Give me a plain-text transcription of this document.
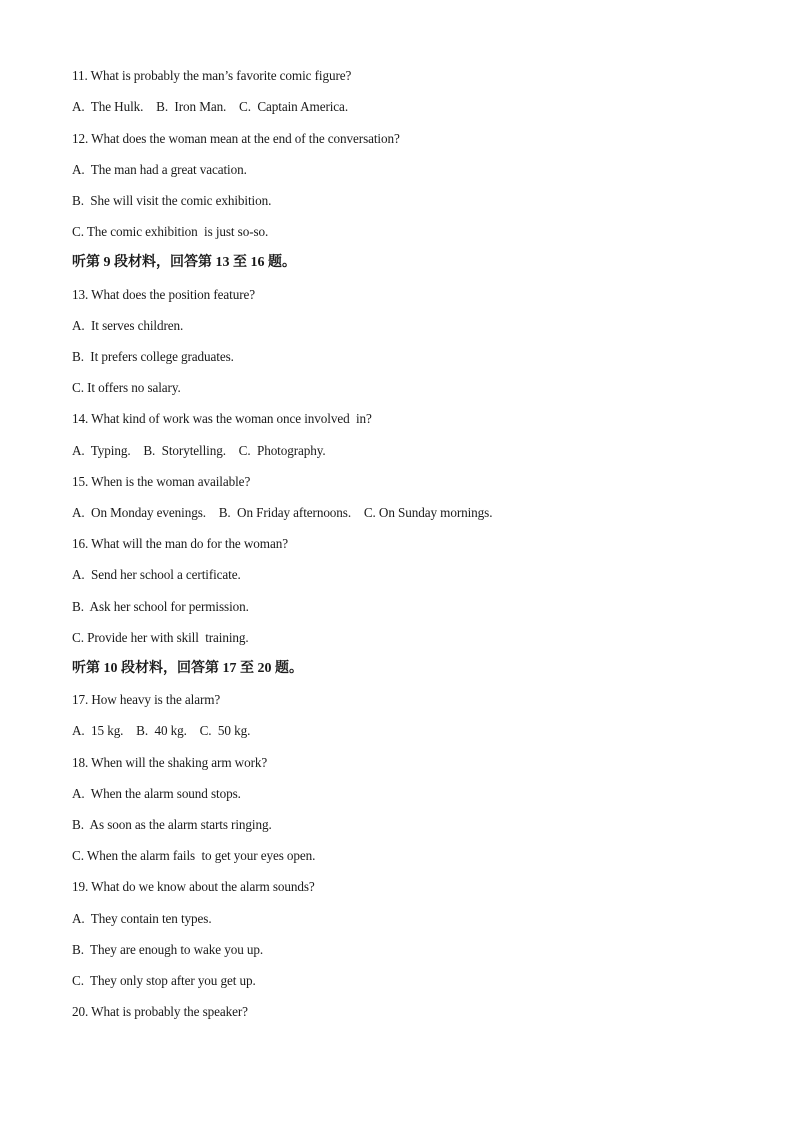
11. What is probably the man’s favorite comic figure?
A.  The Hulk.    B.  Iron Man.    C.  Captain America.
12. What does the woman mean at the end of the conversation?
A.  The man had a great vacation.
B.  She will visit the comic exhibition.
C. The comic exhibition  is just so-so.
听第 9 段材料，回答第 13 至 16 题。
13. What does the position feature?
A.  It serves children.
B.  It prefers college graduates.
C. It offers no salary.
14. What kind of work was the woman once involved  in?
A.  Typing.    B.  Storytelling.    C.  Photography.
15. When is the woman available?
A.  On Monday evenings.    B.  On Friday afternoons.    C. On Sunday mornings.
16. What will the man do for the woman?
A.  Send her school a certificate.
B.  Ask her school for permission.
C. Provide her with skill  training.
听第 10 段材料，回答第 17 至 20 题。
17. How heavy is the alarm?
A.  15 kg.    B.  40 kg.    C.  50 kg.
18. When will the shaking arm work?
A.  When the alarm sound stops.
B.  As soon as the alarm starts ringing.
C. When the alarm fails  to get your eyes open.
19. What do we know about the alarm sounds?
A.  They contain ten types.
B.  They are enough to wake you up.
C.  They only stop after you get up.
20. What is probably the speaker?
